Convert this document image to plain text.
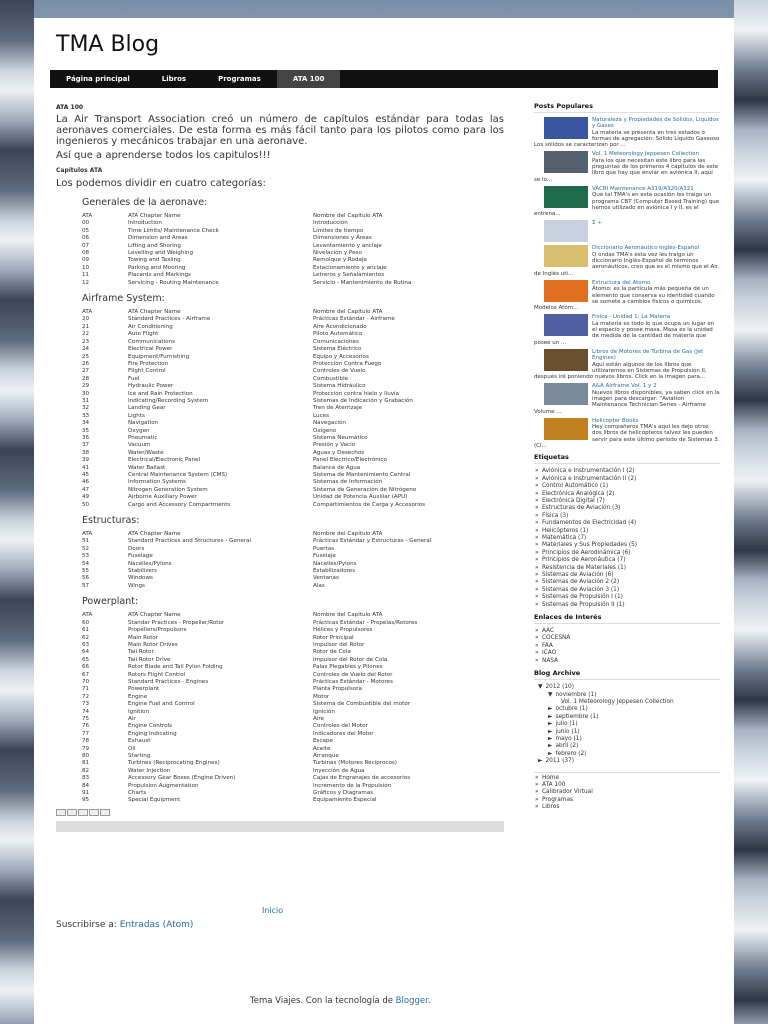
TMA Blog
Página principal	Libros	Programas	ATA 100
ATA 100
La Air Transport Association creó un número de capítulos estándar para todas las aeronaves comerciales. De esta forma es más fácil tanto para los pilotos como para los ingenieros y mecánicos trabajar en una aeronave.
Así que a aprenderse todos los capitulos!!!
Capítulos ATA
Los podemos dividir en cuatro categorías:
Generales de la aeronave:
ATA	ATA Chapter Name	Nombre del Capítulo ATA
00	Introduction	Introducción
05	Time Limits/ Maintenance Check	Límites de tiempo
06	Dimension and Areas	Dimensiones y Áreas
07	Lifting and Shoring	Levantamiento y anclaje
08	Levelling and Weighing	Nivelación y Peso
09	Towing and Taxiing	Remolque y Rodaje
10	Parking and Mooring	Estacionamiento y anclaje
11	Placards and Markings	Letreros y Señalamientos
12	Servicing - Routing Maintenance	Servicio - Mantenimiento de Rutina
Airframe System:
ATA	ATA Chapter Name	Nombre del Capítulo ATA
20	Standard Practices - Airframe	Prácticas Estándar - Airframe
21	Air Conditioning	Aire Acondicionado
22	Auto Flight	Piloto Automático
23	Communications	Comunicaciones
24	Electrical Power	Sistema Eléctrico
25	Equipment/Furnishing	Equipo y Accesorios
26	Fire Protection	Protección Contra Fuego
27	Flight Control	Controles de Vuelo
28	Fuel	Combustible
29	Hydraulic Power	Sistema Hidráulico
30	Ice and Rain Protection	Protección contra hielo y lluvia
31	Indicating/Recording System	Sistemas de Indicación y Grabación
32	Landing Gear	Tren de Aterrizaje
33	Lights	Luces
34	Navigation	Navegación
35	Oxygen	Oxígeno
36	Pneumatic	Sistema Neumático
37	Vacuum	Presión y Vacío
38	Water/Waste	Aguas y Desechos
39	Electrical/Electronic Panel	Panel Eléctrico/Electrónico
41	Water Ballast	Balance de Agua
45	Central Maintenance System (CMS)	Sistema de Mantenimiento Central
46	Information Systems	Sistemas de Información
47	Nitrogen Generation System	Sistema de Generación de Nitrógeno
49	Airborne Auxiliary Power	Unidad de Potencia Auxiliar (APU)
50	Cargo and Accessory Compartments	Compartimientos de Carga y Accesorios
Estructuras:
ATA	ATA Chapter Name	Nombre del Capítulo ATA
51	Standard Practices and Structures - General	Prácticas Estándar y Estructuras - General
52	Doors	Puertas
53	Fuselage	Fuselaje
54	Nacelles/Pylons	Nacelles/Pylons
55	Stabilizers	Estabilizadores
56	Windows	Ventanas
57	Wings	Alas
Powerplant:
ATA	ATA Chapter Name	Nombre del Capítulo ATA
60	Standar Practices - Propeller/Rotor	Prácticas Estándar - Propelas/Rotores
61	Propellers/Propulsors	Hélices y Propulsores
62	Main Rotor	Rotor Principal
63	Main Rotor Drives	Impulsor del Rotor
64	Tail Rotor	Rotor de Cola
65	Tail Rotor Drive	Impulsor del Rotor de Cola
66	Rotor Blade and Tail Pylon Folding	Palas Plegables y Pilones
67	Rotors Flight Control	Controles de Vuelo del Rotor
70	Standard Practices - Engines	Prácticas Estándar - Motores
71	Powerplant	Planta Propulsora
72	Engine	Motor
73	Engine Fuel and Control	Sistema de Combustible del motor
74	Ignition	Ignición
75	Air	Aire
76	Engine Controls	Controles del Motor
77	Enging Indicating	Indicadores del Motor
78	Exhaust	Escape
79	Oil	Aceite
80	Starting	Arranque
81	Turbines (Reciprocating Engines)	Turbinas (Motores Recíprocos)
82	Water Injection	Inyección de Agua
83	Accessory Gear Boxes (Engine Driven)	Cajas de Engranajes de accesorios
84	Propulsion Augmentation	Incremento de la Propulsión
91	Charts	Gráficos y Diagramas
95	Special Equipment	Equipamiento Especial
Inicio
Suscribirse a: Entradas (Atom)
Posts Populares
Naturaleza y Propiedades de Sólidos, Líquidos y Gases
La materia se presenta en tres estados o formas de agregación: Sólido Líquido Gaseoso Los sólidos se caracterizan por ...
Vol. 1 Meteorology Jeppesen Collection
Para los que necesitan este libro para las preguntas de los primeros 4 capítulos de este libro que hay que enviar en aviónica II, aquí se lo...
VACBI Maintenance A319/A320/A321
Qué tal TMA's en esta ocasión les traigo un programa CBT (Computer Based Training) que hemos utilizado en aviónica I y II, es el entrena...
Σ ÷

Diccionario Aeronáutico Inglés-Español
Q ondas TMA's esta vez les traigo un diccionario Inglés-Español de términos aeronáuticos, creo que es el mismo que el Air. de Inglés uti...
Estructura del Átomo
Átomo: es la partícula más pequeña de un elemento que conserva su identidad cuando se somete a cambios físicos o químicos. Modelos Atóm...
Física - Unidad 1: La Materia
La materia es todo lo que ocupa un lugar en el espacio y posee masa. Masa es la unidad de medida de la cantidad de materia que posee un ...
Libros de Motores de Turbina de Gas (Jet Engines)
Aquí están algunos de los libros que utilizaremos en Sistemas de Propulsión II, después iré poniendo nuevos libros. Click en la imagen para...
A&A Airframe Vol. 1 y 2
Nuevos libros disponibles, ya saben click en la imagen para descargar: "Aviation Maintenance Technician Series - Airframe Volume ...
Helicopter Books
Hey compañeros TMA's aquí les dejo otros dos libros de helicópteros talvez les pueden servir para este último periodo de Sistemas 3. (Cl...
Etiquetas
» Aviónica e Instrumentación I (2)
» Aviónica e Instrumentación II (2)
» Control Automático (1)
» Electrónica Analógica (2)
» Electrónica Digital (7)
» Estructuras de Aviación (3)
» Física (3)
» Fundamentos de Electricidad (4)
» Helicópteros (1)
» Matemática (7)
» Materiales y Sus Propiedades (5)
» Principios de Aerodinámica (6)
» Principios de Aeronáutica (7)
» Resistencia de Materiales (1)
» Sistemas de Aviación (6)
» Sistemas de Aviación 2 (2)
» Sistemas de Aviación 3 (1)
» Sistemas de Propulsión I (1)
» Sistemas de Propulsión II (1)
Enlaces de Interés
» AAC
» COCESNA
» FAA
» ICAO
» NASA
Blog Archive
▼ 2012 (10)
▼ noviembre (1)
Vol. 1 Meteorology Jeppesen Collection
► octubre (1)
► septiembre (1)
► julio (1)
► junio (1)
► mayo (1)
► abril (2)
► febrero (2)
► 2011 (37)
» Home
» ATA 100
» Calibrador Virtual
» Programas
» Libros
Tema Viajes. Con la tecnología de Blogger.
